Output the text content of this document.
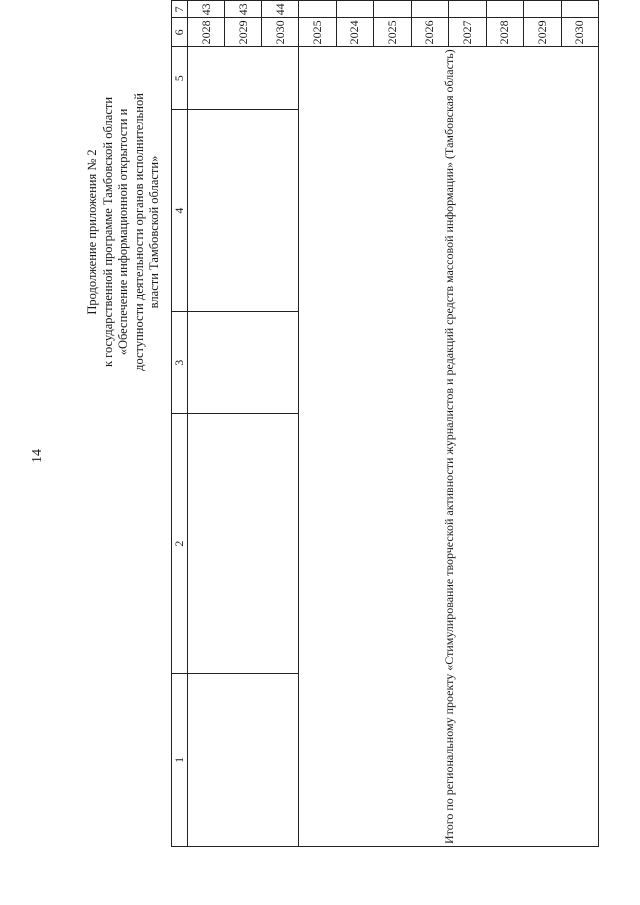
14
Продолжение приложения № 2 к государственной программе Тамбовской области «Обеспечение информационной открытости и доступности деятельности органов исполнительной власти Тамбовской области»
1	2	3	4	5	6	7				
					2028	43					
					2029	43					
					2030	44					
Итого по региональному проекту «Стимулирование творческой активности журналистов и редакций средств массовой информации» (Тамбовская область)					2025						
					2024						
					2025						
					2026						
					2027						
					2028						
					2029						
					2030						
